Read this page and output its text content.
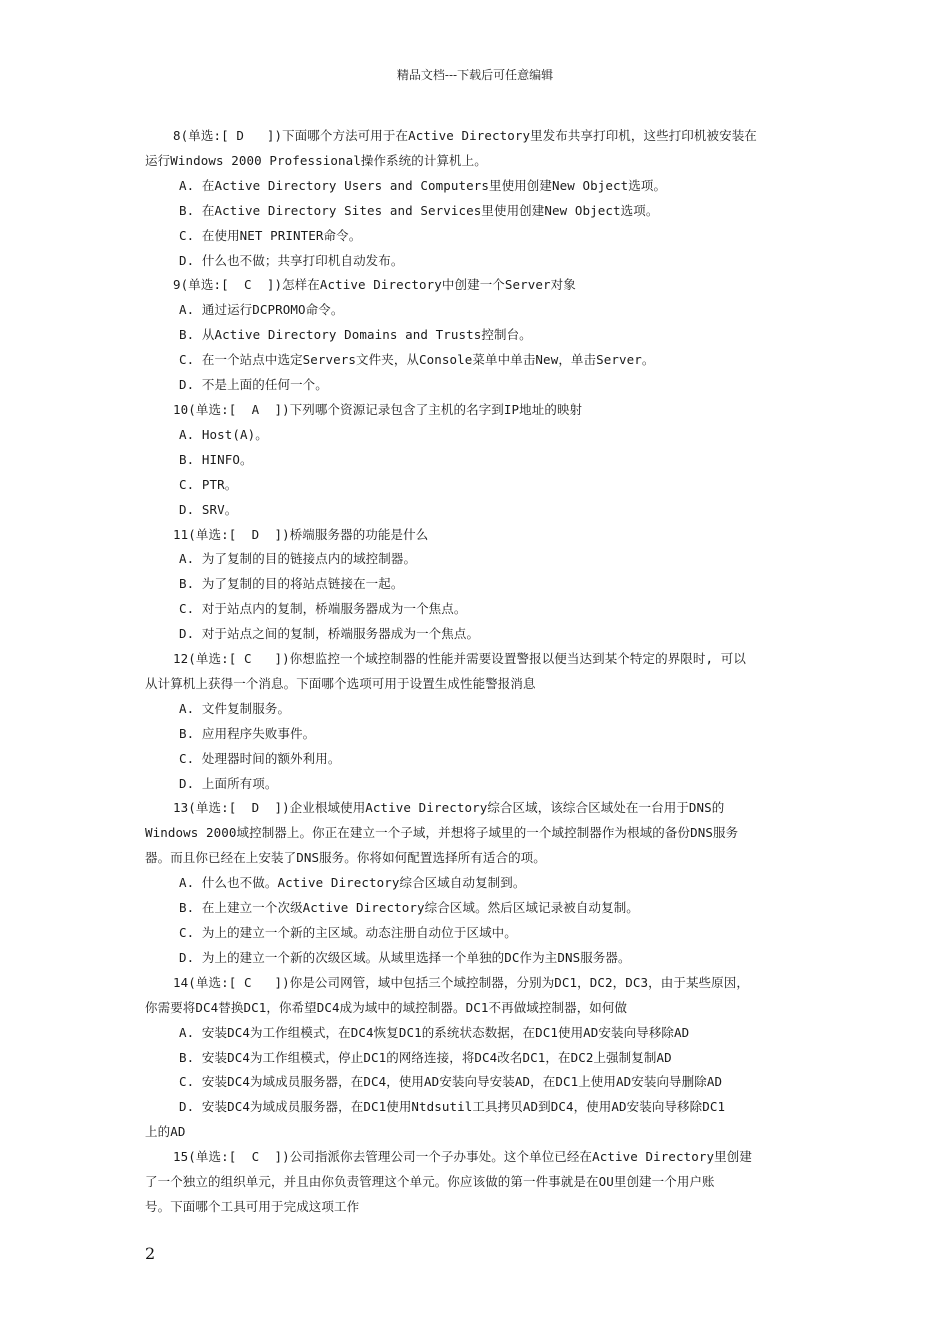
精品文档---下载后可任意编辑
8(单选:[ D   ])下面哪个方法可用于在Active Directory里发布共享打印机，这些打印机被安装在
运行Windows 2000 Professional操作系统的计算机上。
A. 在Active Directory Users and Computers里使用创建New Object选项。
B. 在Active Directory Sites and Services里使用创建New Object选项。
C. 在使用NET PRINTER命令。
D. 什么也不做；共享打印机自动发布。
9(单选:[  C  ])怎样在Active Directory中创建一个Server对象
A. 通过运行DCPROMO命令。
B. 从Active Directory Domains and Trusts控制台。
C. 在一个站点中选定Servers文件夹，从Console菜单中单击New，单击Server。
D. 不是上面的任何一个。
10(单选:[  A  ])下列哪个资源记录包含了主机的名字到IP地址的映射
A. Host(A)。
B. HINFO。
C. PTR。
D. SRV。
11(单选:[  D  ])桥端服务器的功能是什么
A. 为了复制的目的链接点内的域控制器。
B. 为了复制的目的将站点链接在一起。
C. 对于站点内的复制，桥端服务器成为一个焦点。
D. 对于站点之间的复制，桥端服务器成为一个焦点。
12(单选:[ C   ])你想监控一个域控制器的性能并需要设置警报以便当达到某个特定的界限时, 可以
从计算机上获得一个消息。下面哪个选项可用于设置生成性能警报消息
A. 文件复制服务。
B. 应用程序失败事件。
C. 处理器时间的额外利用。
D. 上面所有项。
13(单选:[  D  ])企业根域使用Active Directory综合区域，该综合区域处在一台用于DNS的
Windows 2000域控制器上。你正在建立一个子域，并想将子域里的一个域控制器作为根域的备份DNS服务
器。而且你已经在上安装了DNS服务。你将如何配置选择所有适合的项。
A. 什么也不做。Active Directory综合区域自动复制到。
B. 在上建立一个次级Active Directory综合区域。然后区域记录被自动复制。
C. 为上的建立一个新的主区域。动态注册自动位于区域中。
D. 为上的建立一个新的次级区域。从域里选择一个单独的DC作为主DNS服务器。
14(单选:[ C   ])你是公司网管，域中包括三个域控制器，分别为DC1，DC2，DC3，由于某些原因，
你需要将DC4替换DC1，你希望DC4成为域中的域控制器。DC1不再做域控制器，如何做
A. 安装DC4为工作组模式，在DC4恢复DC1的系统状态数据，在DC1使用AD安装向导移除AD
B. 安装DC4为工作组模式，停止DC1的网络连接，将DC4改名DC1，在DC2上强制复制AD
C. 安装DC4为域成员服务器，在DC4，使用AD安装向导安装AD，在DC1上使用AD安装向导删除AD
D. 安装DC4为域成员服务器，在DC1使用Ntdsutil工具拷贝AD到DC4，使用AD安装向导移除DC1
上的AD
15(单选:[  C  ])公司指派你去管理公司一个子办事处。这个单位已经在Active Directory里创建
了一个独立的组织单元，并且由你负责管理这个单元。你应该做的第一件事就是在OU里创建一个用户账
号。下面哪个工具可用于完成这项工作
2
